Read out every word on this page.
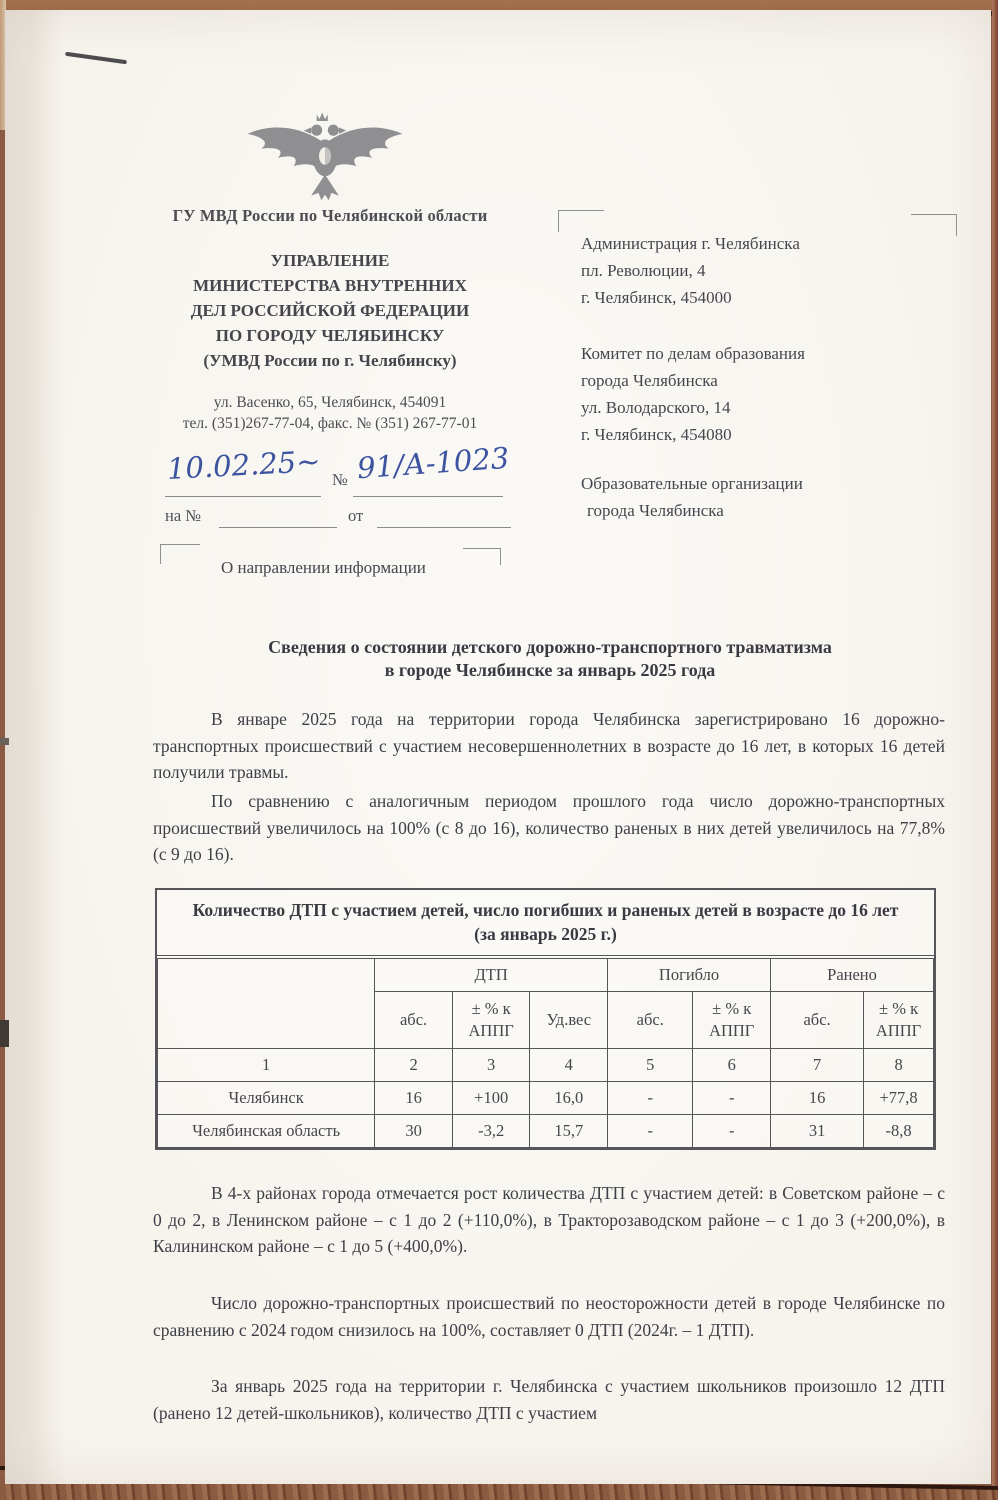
ГУ МВД России по Челябинской области
УПРАВЛЕНИЕ
МИНИСТЕРСТВА ВНУТРЕННИХ
ДЕЛ РОССИЙСКОЙ ФЕДЕРАЦИИ
ПО ГОРОДУ ЧЕЛЯБИНСКУ
(УМВД России по г. Челябинску)
ул. Васенко, 65, Челябинск, 454091
тел. (351)267-77-04, факс. № (351) 267-77-01
10.02.25~ № 91/А-1023
на №	от
Администрация г. Челябинска
пл. Революции, 4
г. Челябинск, 454000
Комитет по делам образования
города Челябинска
ул. Володарского, 14
г. Челябинск, 454080
Образовательные организации
города Челябинска
О направлении информации
Сведения о состоянии детского дорожно-транспортного травматизма
в городе Челябинске за январь 2025 года
В январе 2025 года на территории города Челябинска зарегистрировано 16 дорожно-транспортных происшествий с участием несовершеннолетних в возрасте до 16 лет, в которых 16 детей получили травмы.
По сравнению с аналогичным периодом прошлого года число дорожно-транспортных происшествий увеличилось на 100% (с 8 до 16), количество раненых в них детей увеличилось на 77,8% (с 9 до 16).
Количество ДТП с участием детей, число погибших и раненых детей в возрасте до 16 лет (за январь 2025 г.)
	ДТП			Погибло		Ранено	
	абс.	± % к АППГ	Уд.вес	абс.	± % к АППГ	абс.	± % к АППГ
1	2	3	4	5	6	7	8
Челябинск	16	+100	16,0	-	-	16	+77,8
Челябинская область	30	-3,2	15,7	-	-	31	-8,8
В 4-х районах города отмечается рост количества ДТП с участием детей: в Советском районе – с 0 до 2, в Ленинском районе – с 1 до 2 (+110,0%), в Тракторозаводском районе – с 1 до 3 (+200,0%), в Калининском районе – с 1 до 5 (+400,0%).
Число дорожно-транспортных происшествий по неосторожности детей в городе Челябинске по сравнению с 2024 годом снизилось на 100%, составляет 0 ДТП (2024г. – 1 ДТП).
За январь 2025 года на территории г. Челябинска с участием школьников произошло 12 ДТП (ранено 12 детей-школьников), количество ДТП с участием
